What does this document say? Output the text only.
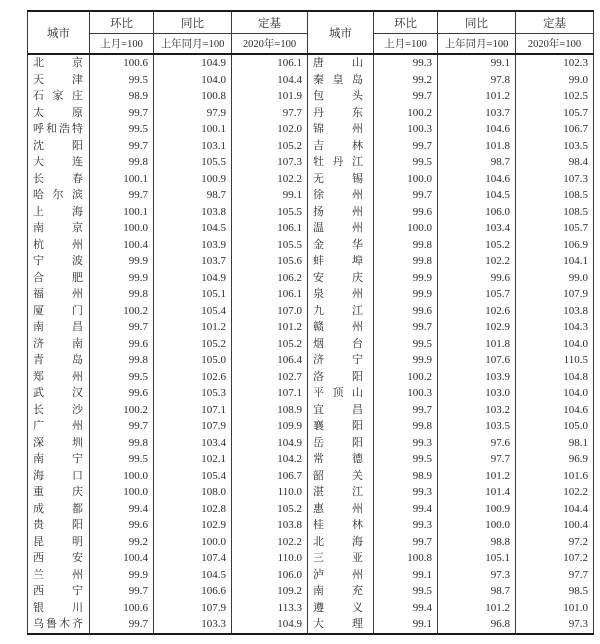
城市	环比	同比	定基	城市	环比	同比	定基
	上月=100	上年同月=100	2020年=100		上月=100	上年同月=100	2020年=100

北 京	100.6	104.9	106.1	唐 山	99.3	99.1	102.3

天 津	99.5	104.0	104.4	秦 皇 岛	99.2	97.8	99.0

石 家 庄	98.9	100.8	101.9	包 头	99.7	101.2	102.5

太 原	99.7	97.9	97.7	丹 东	100.2	103.7	105.7

呼 和 浩 特	99.5	100.1	102.0	锦 州	100.3	104.6	106.7

沈 阳	99.7	103.1	105.2	吉 林	99.7	101.8	103.5

大 连	99.8	105.5	107.3	牡 丹 江	99.5	98.7	98.4

长 春	100.1	100.9	102.2	无 锡	100.0	104.6	107.3

哈 尔 滨	99.7	98.7	99.1	徐 州	99.7	104.5	108.5

上 海	100.1	103.8	105.5	扬 州	99.6	106.0	108.5

南 京	100.0	104.5	106.1	温 州	100.0	103.4	105.7

杭 州	100.4	103.9	105.5	金 华	99.8	105.2	106.9

宁 波	99.9	103.7	105.6	蚌 埠	99.8	102.2	104.1

合 肥	99.9	104.9	106.2	安 庆	99.9	99.6	99.0

福 州	99.8	105.1	106.1	泉 州	99.9	105.7	107.9

厦 门	100.2	105.4	107.0	九 江	99.6	102.6	103.8

南 昌	99.7	101.2	101.2	赣 州	99.7	102.9	104.3

济 南	99.6	105.2	105.2	烟 台	99.5	101.8	104.0

青 岛	99.8	105.0	106.4	济 宁	99.9	107.6	110.5

郑 州	99.5	102.6	102.7	洛 阳	100.2	103.9	104.8

武 汉	99.6	105.3	107.1	平 顶 山	100.3	103.0	104.0

长 沙	100.2	107.1	108.9	宜 昌	99.7	103.2	104.6

广 州	99.7	107.9	109.9	襄 阳	99.8	103.5	105.0

深 圳	99.8	103.4	104.9	岳 阳	99.3	97.6	98.1

南 宁	99.5	102.1	104.2	常 德	99.5	97.7	96.9

海 口	100.0	105.4	106.7	韶 关	98.9	101.2	101.6

重 庆	100.0	108.0	110.0	湛 江	99.3	101.4	102.2

成 都	99.4	102.8	105.2	惠 州	99.4	100.9	104.4

贵 阳	99.6	102.9	103.8	桂 林	99.3	100.0	100.4

昆 明	99.2	100.0	102.2	北 海	99.7	98.8	97.2

西 安	100.4	107.4	110.0	三 亚	100.8	105.1	107.2

兰 州	99.9	104.5	106.0	泸 州	99.1	97.3	97.7

西 宁	99.7	106.6	109.2	南 充	99.5	98.7	98.5

银 川	100.6	107.9	113.3	遵 义	99.4	101.2	101.0

乌 鲁 木 齐	99.7	103.3	104.9	大 理	99.1	96.8	97.3
